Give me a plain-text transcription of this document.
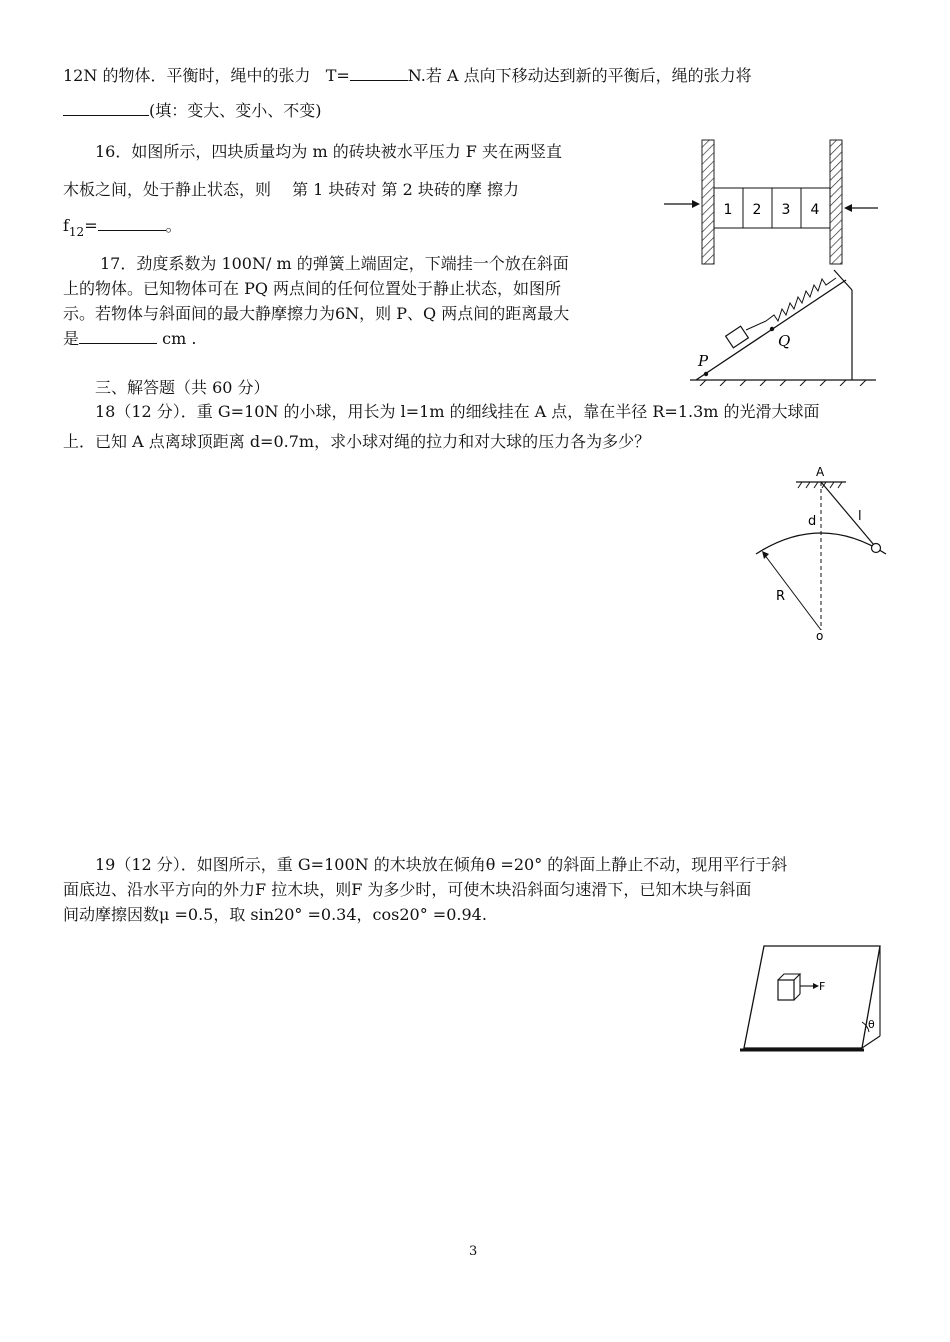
12N 的物体．平衡时，绳中的张力 T=	N.若 A 点向下移动达到新的平衡后，绳的张力将
(填：变大、变小、不变)
16．如图所示，四块质量均为 m 的砖块被水平压力 F 夹在两竖直
木板之间，处于静止状态，则　 第 1 块砖对 第 2 块砖的摩 擦力
$f_{12}=$	。
1 2 3 4
17．劲度系数为 100N/ m 的弹簧上端固定，下端挂一个放在斜面
上的物体。已知物体可在 PQ 两点间的任何位置处于静止状态，如图所
示。若物体与斜面间的最大静摩擦力为6N，则 P、Q 两点间的距离最大
是	cm .
P
Q
三、解答题（共 60 分）
18（12 分）．重 G=10N 的小球，用长为 l=1m 的细线挂在 A 点，靠在半径 R=1.3m 的光滑大球面
上．已知 A 点离球顶距离 d=0.7m，求小球对绳的拉力和对大球的压力各为多少？
A
l
d
R
o
19（12 分）．如图所示，重 G=100N 的木块放在倾角θ =20° 的斜面上静止不动，现用平行于斜
面底边、沿水平方向的外力F 拉木块，则F 为多少时，可使木块沿斜面匀速滑下，已知木块与斜面
间动摩擦因数μ =0.5，取 sin20° =0.34，cos20° =0.94.
F
θ
3
